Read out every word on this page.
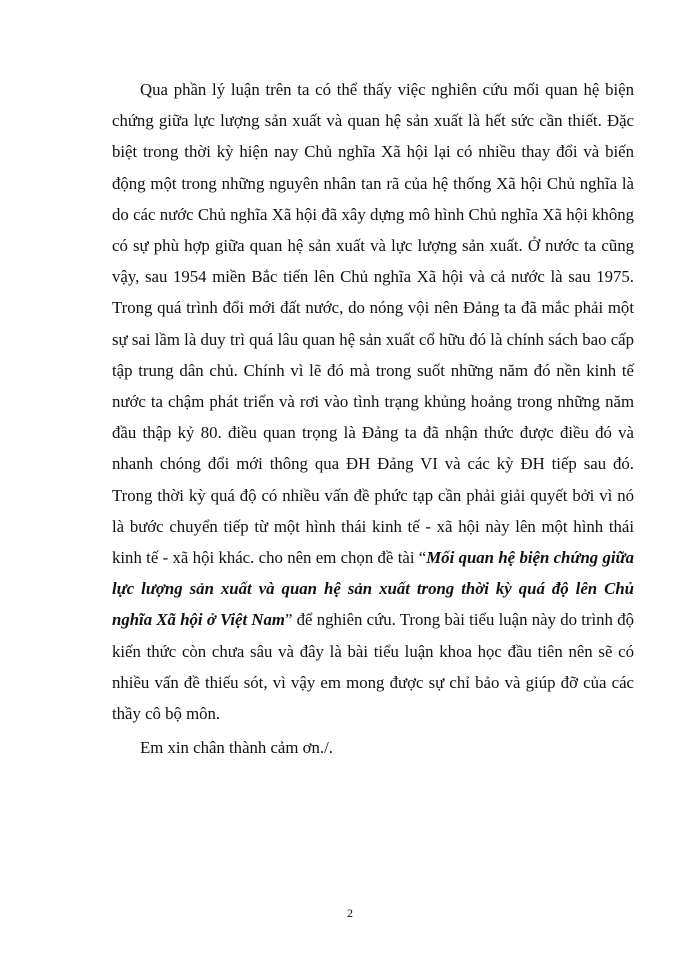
Qua phần lý luận trên ta có thể thấy việc nghiên cứu mối quan hệ biện chứng giữa lực lượng sản xuất và quan hệ sản xuất là hết sức cần thiết. Đặc biệt trong thời kỳ hiện nay Chủ nghĩa Xã hội lại có nhiều thay đổi và biến động một trong những nguyên nhân tan rã của hệ thống Xã hội Chủ nghĩa là do các nước Chủ nghĩa Xã hội đã xây dựng mô hình Chủ nghĩa Xã hội không có sự phù hợp giữa quan hệ sản xuất và lực lượng sản xuất. Ở nước ta cũng vậy, sau 1954 miền Bắc tiến lên Chủ nghĩa Xã hội và cả nước là sau 1975. Trong quá trình đổi mới đất nước, do nóng vội nên Đảng ta đã mắc phải một sự sai lầm là duy trì quá lâu quan hệ sản xuất cổ hữu đó là chính sách bao cấp tập trung dân chủ. Chính vì lẽ đó mà trong suốt những năm đó nền kinh tế nước ta chậm phát triển và rơi vào tình trạng khủng hoảng trong những năm đầu thập kỷ 80. điều quan trọng là Đảng ta đã nhận thức được điều đó và nhanh chóng đổi mới thông qua ĐH Đảng VI và các kỳ ĐH tiếp sau đó. Trong thời kỳ quá độ có nhiều vấn đề phức tạp cần phải giải quyết bởi vì nó là bước chuyển tiếp từ một hình thái kinh tế - xã hội này lên một hình thái kinh tế - xã hội khác. cho nên em chọn đề tài “Mối quan hệ biện chứng giữa lực lượng sản xuất và quan hệ sản xuất trong thời kỳ quá độ lên Chủ nghĩa Xã hội ở Việt Nam” để nghiên cứu. Trong bài tiểu luận này do trình độ kiến thức còn chưa sâu và đây là bài tiểu luận khoa học đầu tiên nên sẽ có nhiều vấn đề thiếu sót, vì vậy em mong được sự chỉ bảo và giúp đỡ của các thầy cô bộ môn.

Em xin chân thành cảm ơn./.

2
